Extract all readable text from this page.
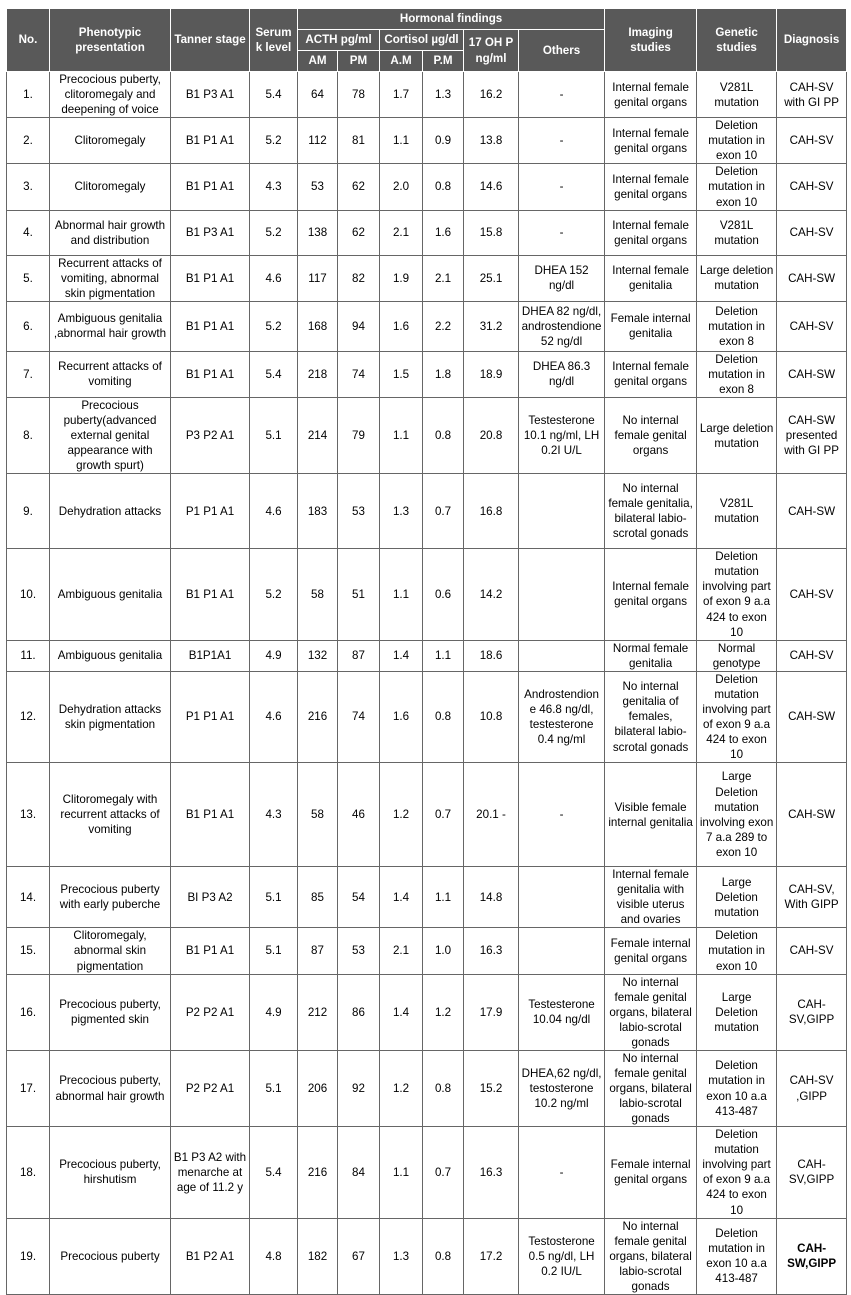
No.	Phenotypic presentation	Tanner stage	Serum k level	Hormonal findings						Imaging studies	Genetic studies	Diagnosis
				ACTH pg/ml		Cortisol µg/dl		17 OH P ng/ml	Others			
				AM	PM	A.M	P.M					
1.	Precocious puberty, clitoromegaly and deepening of voice	B1 P3 A1	5.4	64	78	1.7	1.3	16.2	-	Internal female genital organs	V281L mutation	CAH-SV with GI PP
2.	Clitoromegaly	B1 P1 A1	5.2	112	81	1.1	0.9	13.8	-	Internal female genital organs	Deletion mutation in exon 10	CAH-SV
3.	Clitoromegaly	B1 P1 A1	4.3	53	62	2.0	0.8	14.6	-	Internal female genital organs	Deletion mutation in exon 10	CAH-SV
4.	Abnormal hair growth and distribution	B1 P3 A1	5.2	138	62	2.1	1.6	15.8	-	Internal female genital organs	V281L mutation	CAH-SV
5.	Recurrent attacks of vomiting, abnormal skin pigmentation	B1 P1 A1	4.6	117	82	1.9	2.1	25.1	DHEA 152 ng/dl	Internal female genitalia	Large deletion mutation	CAH-SW
6.	Ambiguous genitalia ,abnormal hair growth	B1 P1 A1	5.2	168	94	1.6	2.2	31.2	DHEA 82 ng/dl, androstendione 52 ng/dl	Female internal genitalia	Deletion mutation in exon 8	CAH-SV
7.	Recurrent attacks of vomiting	B1 P1 A1	5.4	218	74	1.5	1.8	18.9	DHEA 86.3 ng/dl	Internal female genital organs	Deletion mutation in exon 8	CAH-SW
8.	Precocious puberty(advanced external genital appearance with growth spurt)	P3 P2 A1	5.1	214	79	1.1	0.8	20.8	Testesterone 10.1 ng/ml, LH 0.2I U/L	No internal female genital organs	Large deletion mutation	CAH-SW presented with GI PP
9.	Dehydration attacks	P1 P1 A1	4.6	183	53	1.3	0.7	16.8		No internal female genitalia, bilateral labio-scrotal gonads	V281L mutation	CAH-SW
10.	Ambiguous genitalia	B1 P1 A1	5.2	58	51	1.1	0.6	14.2		Internal female genital organs	Deletion mutation involving part of exon 9 a.a 424 to exon 10	CAH-SV
11.	Ambiguous genitalia	B1P1A1	4.9	132	87	1.4	1.1	18.6		Normal female genitalia	Normal genotype	CAH-SV
12.	Dehydration attacks skin pigmentation	P1 P1 A1	4.6	216	74	1.6	0.8	10.8	Androstendione 46.8 ng/dl, testesterone 0.4 ng/ml	No internal genitalia of females, bilateral labio-scrotal gonads	Deletion mutation involving part of exon 9 a.a 424 to exon 10	CAH-SW
13.	Clitoromegaly with recurrent attacks of vomiting	B1 P1 A1	4.3	58	46	1.2	0.7	20.1 -	-	Visible female internal genitalia	Large Deletion mutation involving exon 7 a.a 289 to exon 10	CAH-SW
14.	Precocious puberty with early puberche	BI P3 A2	5.1	85	54	1.4	1.1	14.8		Internal female genitalia with visible uterus and ovaries	Large Deletion mutation	CAH-SV, With GIPP
15.	Clitoromegaly, abnormal skin pigmentation	B1 P1 A1	5.1	87	53	2.1	1.0	16.3		Female internal genital organs	Deletion mutation in exon 10	CAH-SV
16.	Precocious puberty, pigmented skin	P2 P2 A1	4.9	212	86	1.4	1.2	17.9	Testesterone 10.04 ng/dl	No internal female genital organs, bilateral labio-scrotal gonads	Large Deletion mutation	CAH-SV,GIPP
17.	Precocious puberty, abnormal hair growth	P2 P2 A1	5.1	206	92	1.2	0.8	15.2	DHEA,62 ng/dl, testosterone 10.2 ng/ml	No internal female genital organs, bilateral labio-scrotal gonads	Deletion mutation in exon 10 a.a 413-487	CAH-SV ,GIPP
18.	Precocious puberty, hirshutism	B1 P3 A2 with menarche at age of 11.2 y	5.4	216	84	1.1	0.7	16.3	-	Female internal genital organs	Deletion mutation involving part of exon 9 a.a 424 to exon 10	CAH-SV,GIPP
19.	Precocious puberty	B1 P2 A1	4.8	182	67	1.3	0.8	17.2	Testosterone 0.5 ng/dl, LH 0.2 IU/L	No internal female genital organs, bilateral labio-scrotal gonads	Deletion mutation in exon 10 a.a 413-487	CAH-SW,GIPP
